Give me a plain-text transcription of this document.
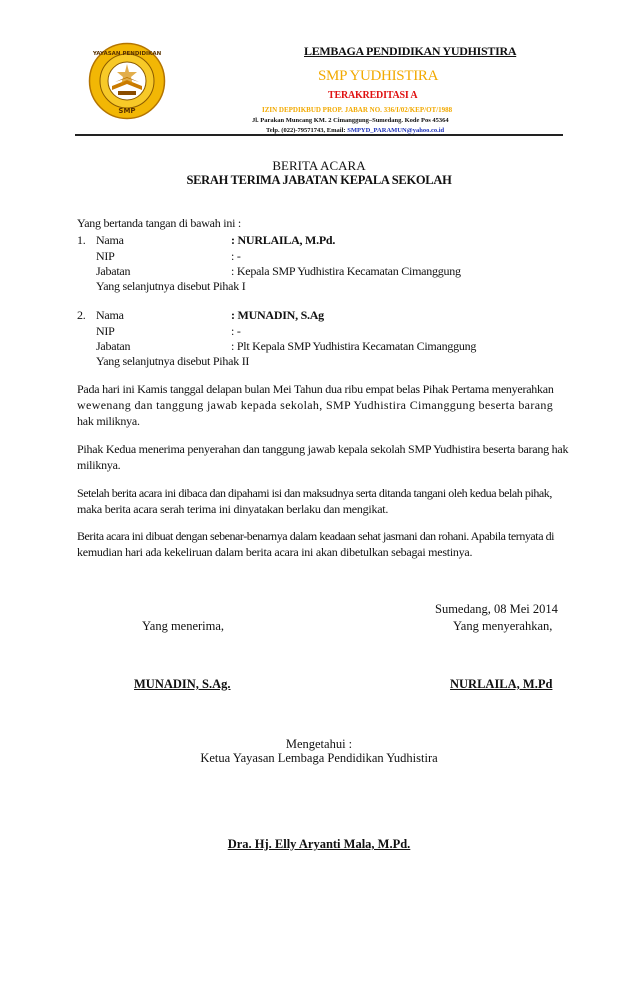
YAYASAN PENDIDIKAN
SMP
LEMBAGA PENDIDIKAN YUDHISTIRA
SMP YUDHISTIRA
TERAKREDITASI A
IZIN DEPDIKBUD PROP. JABAR NO. 336/I/02/KEP/OT/1988
Jl. Parakan Muncang KM. 2 Cimanggung–Sumedang. Kode Pos 45364
Telp. (022)-79571743, Email: SMPYD_PARAMUN@yahoo.co.id
BERITA ACARA
SERAH TERIMA JABATAN KEPALA SEKOLAH
Yang bertanda tangan di bawah ini :
1. Nama	: NURLAILA, M.Pd.
NIP	: -
Jabatan	: Kepala SMP Yudhistira Kecamatan Cimanggung
Yang selanjutnya disebut Pihak I
2. Nama	: MUNADIN, S.Ag
NIP	: -
Jabatan	: Plt Kepala SMP Yudhistira Kecamatan Cimanggung
Yang selanjutnya disebut Pihak II
Pada hari ini Kamis tanggal delapan bulan Mei Tahun dua ribu empat belas Pihak Pertama menyerahkan
wewenang dan tanggung jawab kepada sekolah, SMP Yudhistira Cimanggung beserta barang
hak miliknya.
Pihak Kedua menerima penyerahan dan tanggung jawab kepala sekolah SMP Yudhistira beserta barang hak
miliknya.
Setelah berita acara ini dibaca dan dipahami isi dan maksudnya serta ditanda tangani oleh kedua belah pihak,
maka berita acara serah terima ini dinyatakan berlaku dan mengikat.
Berita acara ini dibuat dengan sebenar-benarnya dalam keadaan sehat jasmani dan rohani. Apabila ternyata di
kemudian hari ada kekeliruan dalam berita acara ini akan dibetulkan sebagai mestinya.
Sumedang, 08 Mei 2014
Yang menerima,	Yang menyerahkan,
MUNADIN, S.Ag.	NURLAILA, M.Pd
Mengetahui :
Ketua Yayasan Lembaga Pendidikan Yudhistira
Dra. Hj. Elly Aryanti Mala, M.Pd.
